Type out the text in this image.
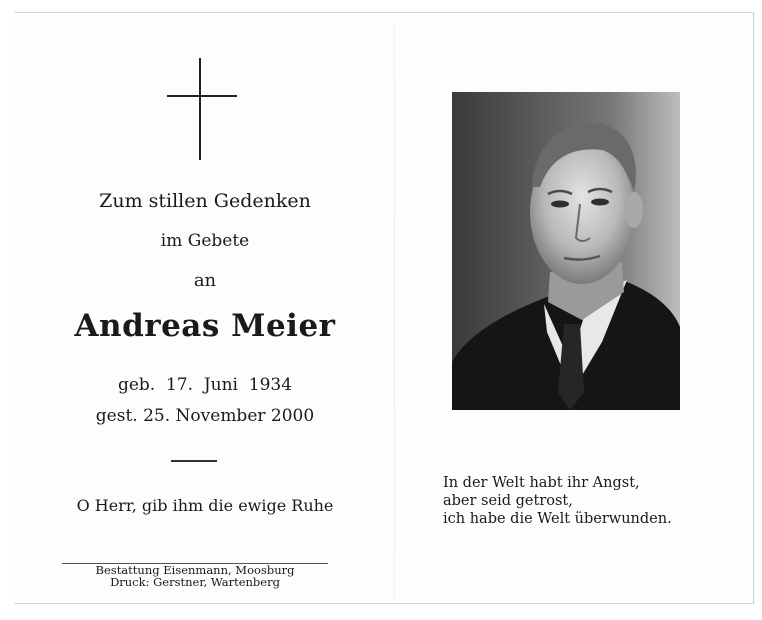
Zum stillen Gedenken
im Gebete
an
Andreas Meier
geb.  17.  Juni  1934
gest. 25. November 2000
O Herr, gib ihm die ewige Ruhe
Bestattung Eisenmann, Moosburg
Druck: Gerstner, Wartenberg
In der Welt habt ihr Angst,
aber seid getrost,
ich habe die Welt überwunden.
